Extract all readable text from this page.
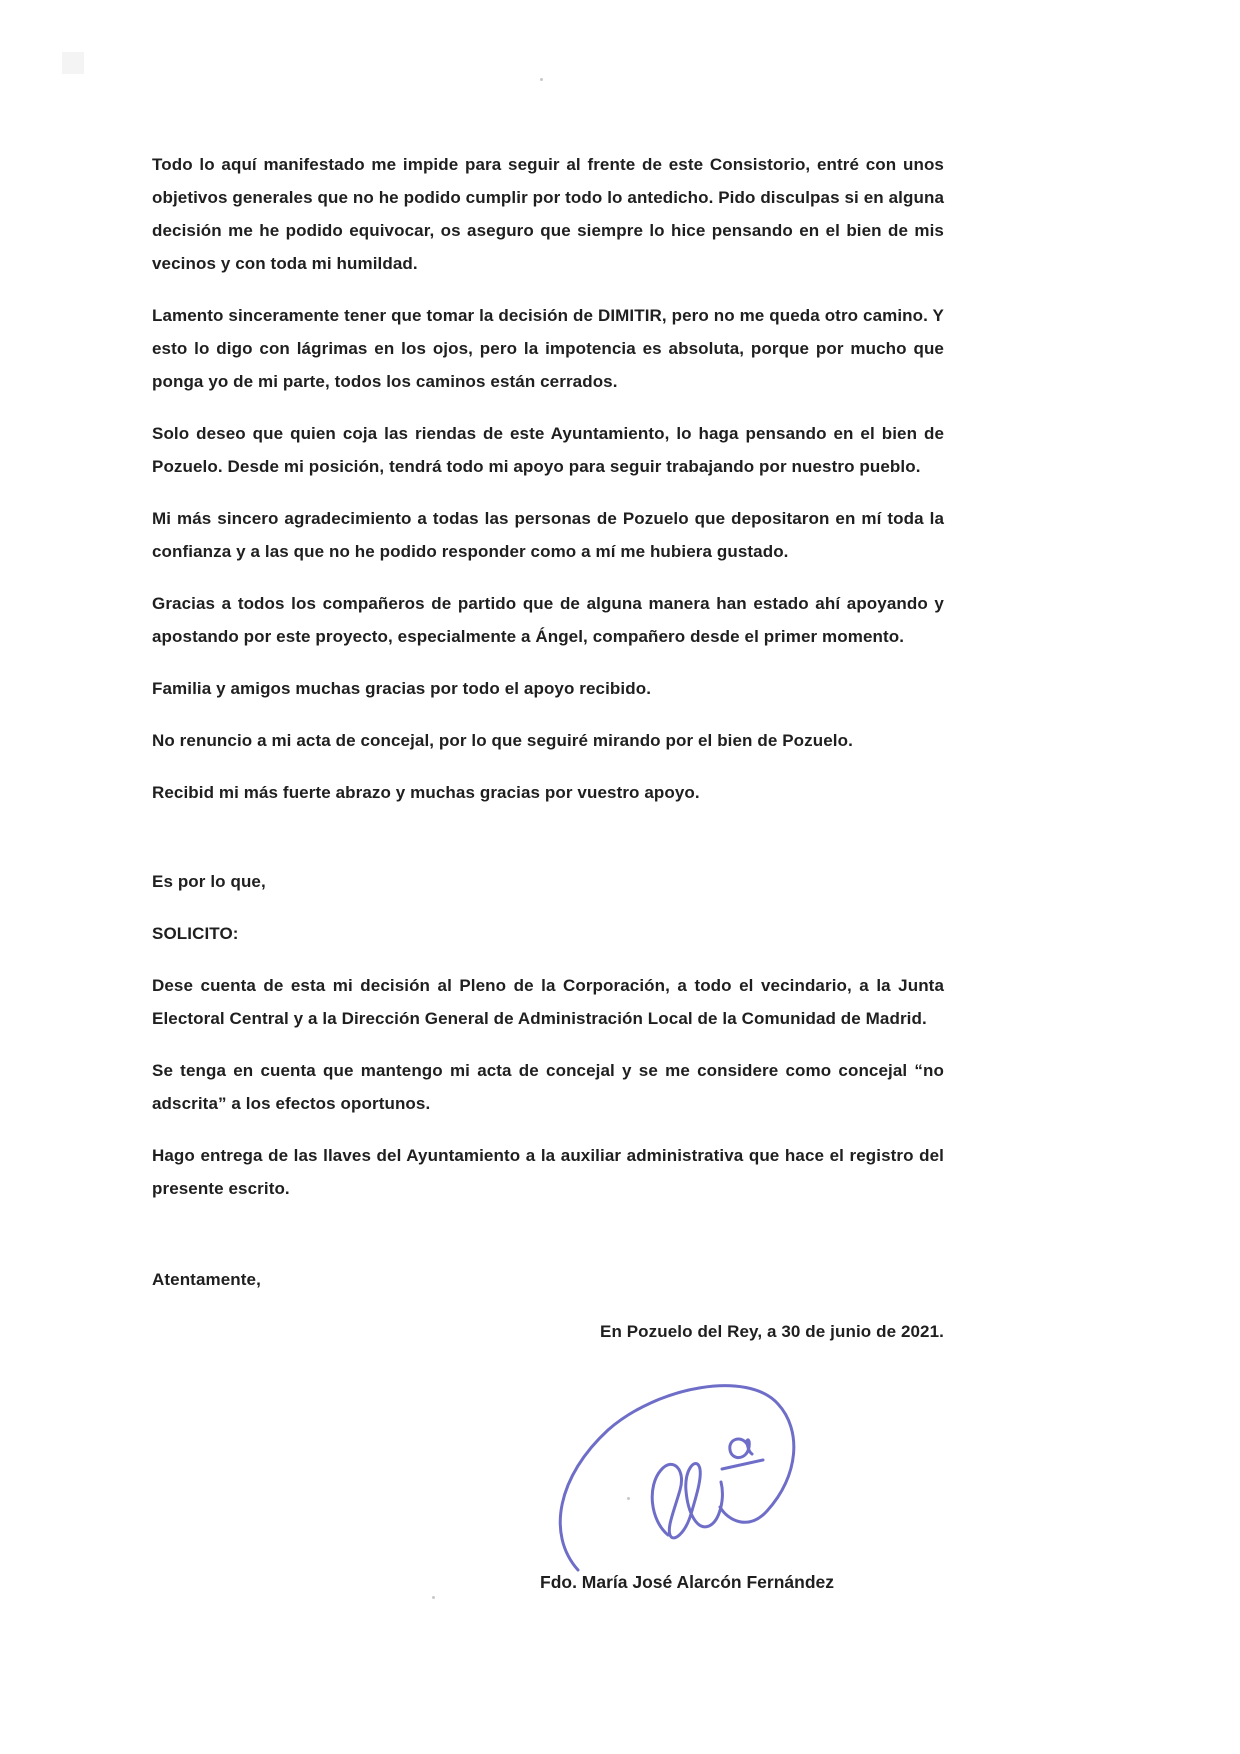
Todo lo aquí manifestado me impide para seguir al frente de este Consistorio, entré con unos objetivos generales que no he podido cumplir por todo lo antedicho. Pido disculpas si en alguna decisión me he podido equivocar, os aseguro que siempre lo hice pensando en el bien de mis vecinos y con toda mi humildad.

Lamento sinceramente tener que tomar la decisión de DIMITIR, pero no me queda otro camino. Y esto lo digo con lágrimas en los ojos, pero la impotencia es absoluta, porque por mucho que ponga yo de mi parte, todos los caminos están cerrados.

Solo deseo que quien coja las riendas de este Ayuntamiento, lo haga pensando en el bien de Pozuelo. Desde mi posición, tendrá todo mi apoyo para seguir trabajando por nuestro pueblo.

Mi más sincero agradecimiento a todas las personas de Pozuelo que depositaron en mí toda la confianza y a las que no he podido responder como a mí me hubiera gustado.

Gracias a todos los compañeros de partido que de alguna manera han estado ahí apoyando y apostando por este proyecto, especialmente a Ángel, compañero desde el primer momento.

Familia y amigos muchas gracias por todo el apoyo recibido.

No renuncio a mi acta de concejal, por lo que seguiré mirando por el bien de Pozuelo.

Recibid mi más fuerte abrazo y muchas gracias por vuestro apoyo.

Es por lo que,

SOLICITO:

Dese cuenta de esta mi decisión al Pleno de la Corporación, a todo el vecindario, a la Junta Electoral Central y a la Dirección General de Administración Local de la Comunidad de Madrid.

Se tenga en cuenta que mantengo mi acta de concejal y se me considere como concejal “no adscrita” a los efectos oportunos.

Hago entrega de las llaves del Ayuntamiento a la auxiliar administrativa que hace el registro del presente escrito.

Atentamente,

En Pozuelo del Rey, a 30 de junio de 2021.

Fdo. María José Alarcón Fernández
